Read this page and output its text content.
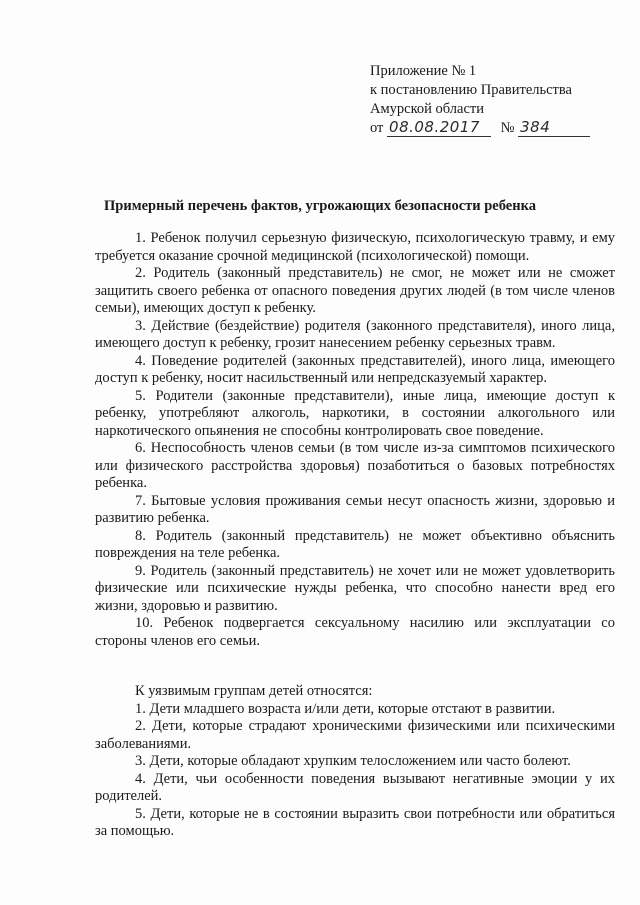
Приложение № 1
к постановлению Правительства
Амурской области
от 08.08.2017 № 384
Примерный перечень фактов, угрожающих безопасности ребенка

1. Ребенок получил серьезную физическую, психологическую травму, и ему требуется оказание срочной медицинской (психологической) помощи.

2. Родитель (законный представитель) не смог, не может или не сможет защитить своего ребенка от опасного поведения других людей (в том числе членов семьи), имеющих доступ к ребенку.

3. Действие (бездействие) родителя (законного представителя), иного лица, имеющего доступ к ребенку, грозит нанесением ребенку серьезных травм.

4. Поведение родителей (законных представителей), иного лица, имеющего доступ к ребенку, носит насильственный или непредсказуемый характер.

5. Родители (законные представители), иные лица, имеющие доступ к ребенку, употребляют алкоголь, наркотики, в состоянии алкогольного или наркотического опьянения не способны контролировать свое поведение.

6. Неспособность членов семьи (в том числе из-за симптомов психического или физического расстройства здоровья) позаботиться о базовых потребностях ребенка.

7. Бытовые условия проживания семьи несут опасность жизни, здоровью и развитию ребенка.

8. Родитель (законный представитель) не может объективно объяснить повреждения на теле ребенка.

9. Родитель (законный представитель) не хочет или не может удовлетворить физические или психические нужды ребенка, что способно нанести вред его жизни, здоровью и развитию.

10. Ребенок подвергается сексуальному насилию или эксплуатации со стороны членов его семьи.

К уязвимым группам детей относятся:

1. Дети младшего возраста и/или дети, которые отстают в развитии.

2. Дети, которые страдают хроническими физическими или психическими заболеваниями.

3. Дети, которые обладают хрупким телосложением или часто болеют.

4. Дети, чьи особенности поведения вызывают негативные эмоции у их родителей.

5. Дети, которые не в состоянии выразить свои потребности или обратиться за помощью.
